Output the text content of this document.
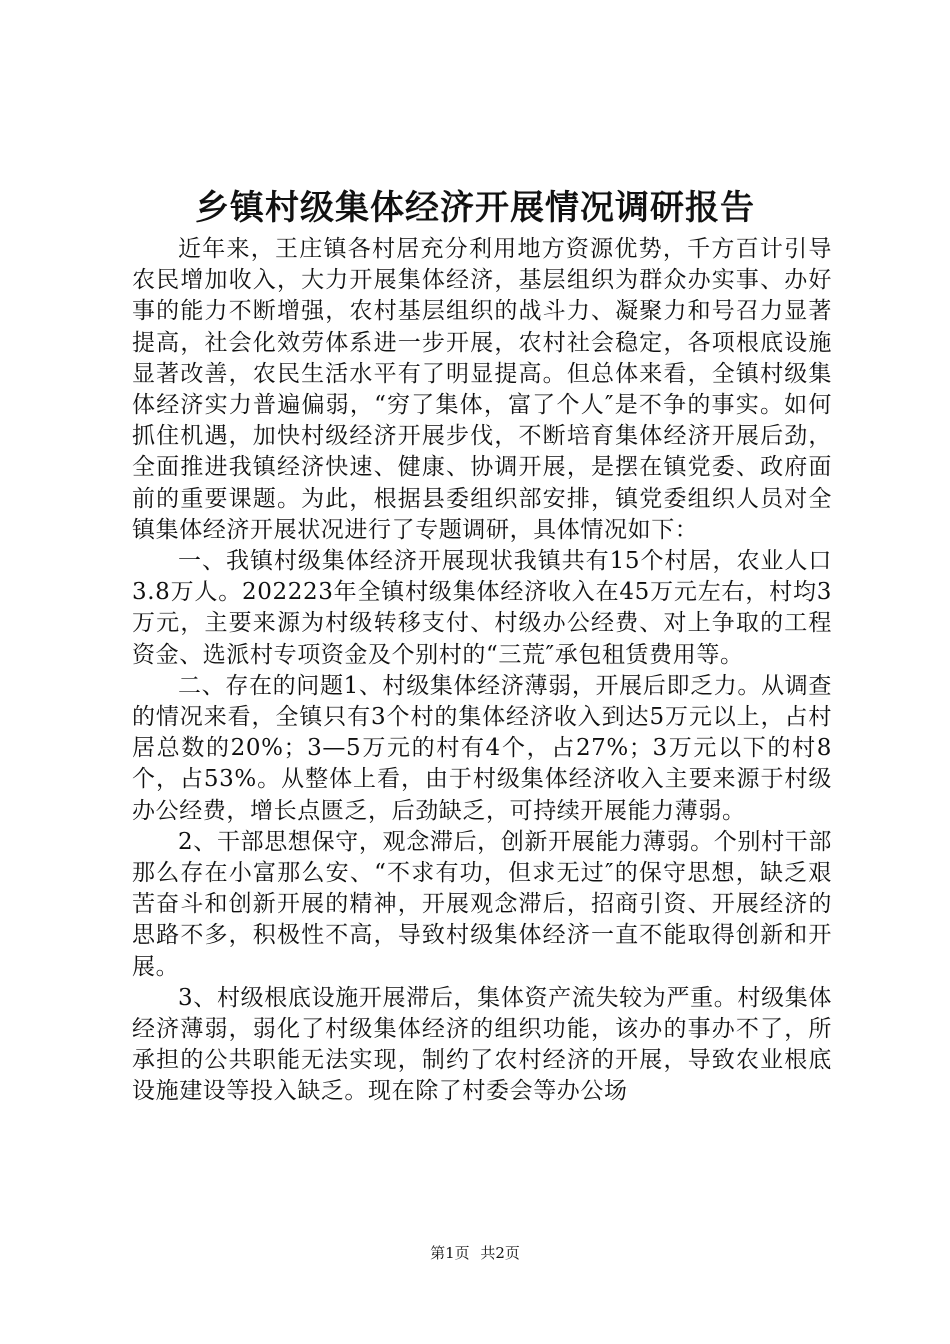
乡镇村级集体经济开展情况调研报告

近年来，王庄镇各村居充分利用地方资源优势，千方百计引导农民增加收入，大力开展集体经济，基层组织为群众办实事、办好事的能力不断增强，农村基层组织的战斗力、凝聚力和号召力显著提高，社会化效劳体系进一步开展，农村社会稳定，各项根底设施显著改善，农民生活水平有了明显提高。但总体来看，全镇村级集体经济实力普遍偏弱，“穷了集体，富了个人″是不争的事实。如何抓住机遇，加快村级经济开展步伐，不断培育集体经济开展后劲，全面推进我镇经济快速、健康、协调开展，是摆在镇党委、政府面前的重要课题。为此，根据县委组织部安排，镇党委组织人员对全镇集体经济开展状况进行了专题调研，具体情况如下：

一、我镇村级集体经济开展现状我镇共有15个村居，农业人口3.8万人。202223年全镇村级集体经济收入在45万元左右，村均3万元，主要来源为村级转移支付、村级办公经费、对上争取的工程资金、选派村专项资金及个别村的“三荒″承包租赁费用等。

二、存在的问题1、村级集体经济薄弱，开展后即乏力。从调查的情况来看，全镇只有3个村的集体经济收入到达5万元以上，占村居总数的20%；3—5万元的村有4个，占27%；3万元以下的村8个，占53%。从整体上看，由于村级集体经济收入主要来源于村级办公经费，增长点匮乏，后劲缺乏，可持续开展能力薄弱。

2、干部思想保守，观念滞后，创新开展能力薄弱。个别村干部那么存在小富那么安、“不求有功，但求无过″的保守思想，缺乏艰苦奋斗和创新开展的精神，开展观念滞后，招商引资、开展经济的思路不多，积极性不高，导致村级集体经济一直不能取得创新和开展。

3、村级根底设施开展滞后，集体资产流失较为严重。村级集体经济薄弱，弱化了村级集体经济的组织功能，该办的事办不了，所承担的公共职能无法实现，制约了农村经济的开展，导致农业根底设施建设等投入缺乏。现在除了村委会等办公场

第1页 共2页
